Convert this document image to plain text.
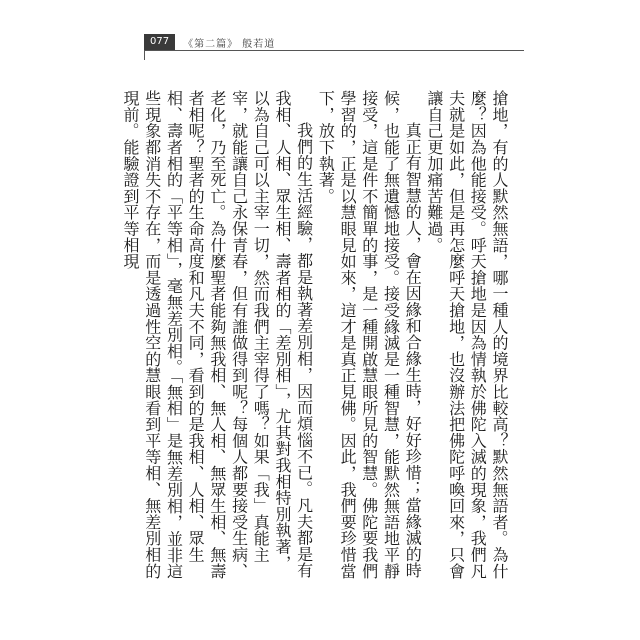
077	《第二篇》 般若道

搶地，有的人默然無語，哪一種人的境界比較高？默然無語者。為什麼？因為他能接受。呼天搶地是因為情執於佛陀入滅的現象，我們凡夫就是如此，但是再怎麼呼天搶地，也沒辦法把佛陀呼喚回來，只會讓自己更加痛苦難過。

真正有智慧的人，會在因緣和合緣生時，好好珍惜；當緣滅的時候，也能了無遺憾地接受。接受緣滅是一種智慧，能默然無語地平靜接受，這是件不簡單的事，是一種開啟慧眼所見的智慧。佛陀要我們學習的，正是以慧眼見如來，這才是真正見佛。因此，我們要珍惜當下，放下執著。

我們的生活經驗，都是執著差別相，因而煩惱不已。凡夫都是有我相、人相、眾生相、壽者相的「差別相」，尤其對我相特別執著，以為自己可以主宰一切，然而我們主宰得了嗎？如果「我」真能主宰，就能讓自己永保青春，但有誰做得到呢？每個人都要接受生病、老化，乃至死亡。為什麼聖者能夠無我相、無人相、無眾生相、無壽者相呢？聖者的生命高度和凡夫不同，看到的是我相、人相、眾生相、壽者相的「平等相」，毫無差別相。「無相」是無差別相，並非這些現象都消失不存在，而是透過性空的慧眼看到平等相、無差別相的現前。能驗證到平等相現
